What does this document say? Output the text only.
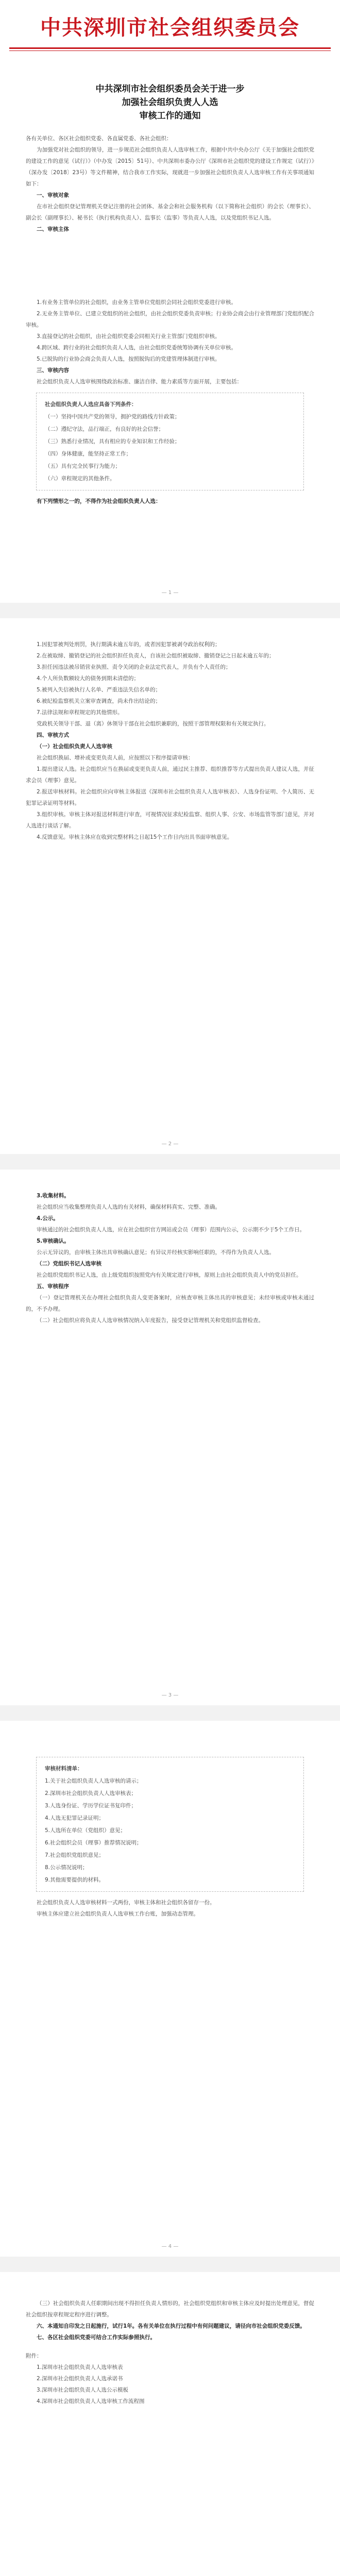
中共深圳市社会组织委员会
中共深圳市社会组织委员会关于进一步
加强社会组织负责人人选
审核工作的通知

各有关单位、各区社会组织党委、各直属党委、各社会组织：

为加强党对社会组织的领导，进一步规范社会组织负责人人选审核工作，根据中共中央办公厅《关于加强社会组织党的建设工作的意见（试行）》（中办发〔2015〕51号）、中共深圳市委办公厅《深圳市社会组织党的建设工作规定（试行）》（深办发〔2018〕23号）等文件精神，结合我市工作实际，现就进一步加强社会组织负责人人选审核工作有关事项通知如下：

一、审核对象

在市社会组织登记管理机关登记注册的社会团体、基金会和社会服务机构（以下简称社会组织）的会长（理事长）、副会长（副理事长）、秘书长（执行机构负责人）、监事长（监事）等负责人人选，以及党组织书记人选。

二、审核主体

1.有业务主管单位的社会组织，由业务主管单位党组织会同社会组织党委进行审核。

2.无业务主管单位、已建立党组织的社会组织，由社会组织党委负责审核；行业协会商会由行业管理部门党组织配合审核。

3.直接登记的社会组织，由社会组织党委会同相关行业主管部门党组织审核。

4.跨区域、跨行业的社会组织负责人人选，由社会组织党委统筹协调有关单位审核。

5.已脱钩的行业协会商会负责人人选，按照脱钩后的党建管理体制进行审核。

三、审核内容

社会组织负责人人选审核围绕政治标准、廉洁自律、能力素质等方面开展，主要包括：

社会组织负责人人选应具备下列条件：
（一）坚持中国共产党的领导，拥护党的路线方针政策；
（二）遵纪守法，品行端正，有良好的社会信誉；
（三）熟悉行业情况，具有相应的专业知识和工作经验；
（四）身体健康，能坚持正常工作；
（五）具有完全民事行为能力；
（六）章程规定的其他条件。

有下列情形之一的，不得作为社会组织负责人人选：

— 1 —

1.因犯罪被判处刑罚，执行期满未逾五年的，或者因犯罪被剥夺政治权利的；

2.在被取缔、撤销登记的社会组织担任负责人，自该社会组织被取缔、撤销登记之日起未逾五年的；

3.担任因违法被吊销营业执照、责令关闭的企业法定代表人，并负有个人责任的；

4.个人所负数额较大的债务到期未清偿的；

5.被列入失信被执行人名单、严重违法失信名单的；

6.被纪检监察机关立案审查调查，尚未作出结论的；

7.法律法规和章程规定的其他情形。

党政机关领导干部、退（离）休领导干部在社会组织兼职的，按照干部管理权限和有关规定执行。

四、审核方式

（一）社会组织负责人人选审核

社会组织换届、增补或变更负责人前，应按照以下程序提请审核：

1.提出建议人选。社会组织应当在换届或变更负责人前，通过民主推荐、组织推荐等方式提出负责人建议人选，并征求会员（理事）意见。

2.报送审核材料。社会组织应向审核主体报送《深圳市社会组织负责人人选审核表》、人选身份证明、个人简历、无犯罪记录证明等材料。

3.组织审核。审核主体对报送材料进行审查，可视情况征求纪检监察、组织人事、公安、市场监管等部门意见，并对人选进行谈话了解。

4.反馈意见。审核主体应在收到完整材料之日起15个工作日内出具书面审核意见。

— 2 —

3.收集材料。

社会组织应当收集整理负责人人选的有关材料，确保材料真实、完整、准确。

4.公示。

审核通过的社会组织负责人人选，应在社会组织官方网站或会员（理事）范围内公示，公示期不少于5个工作日。

5.审核确认。

公示无异议的，由审核主体出具审核确认意见；有异议并经核实影响任职的，不得作为负责人人选。

（二）党组织书记人选审核

社会组织党组织书记人选，由上级党组织按照党内有关规定进行审核，原则上由社会组织负责人中的党员担任。

五、审核程序

（一）登记管理机关在办理社会组织负责人变更备案时，应核查审核主体出具的审核意见；未经审核或审核未通过的，不予办理。

（二）社会组织应将负责人人选审核情况纳入年度报告，接受登记管理机关和党组织监督检查。

— 3 —
审核材料清单：
1.关于社会组织负责人人选审核的请示；
2.深圳市社会组织负责人人选审核表；
3.人选身份证、学历学位证书复印件；
4.人选无犯罪记录证明；
5.人选所在单位（党组织）意见；
6.社会组织会员（理事）推荐情况说明；
7.社会组织党组织意见；
8.公示情况说明；
9.其他需要提供的材料。

社会组织负责人人选审核材料一式两份，审核主体和社会组织各留存一份。

审核主体应建立社会组织负责人人选审核工作台账，加强动态管理。

— 4 —

（三）社会组织负责人任职期间出现不得担任负责人情形的，社会组织党组织和审核主体应及时提出处理意见，督促社会组织按章程规定程序进行调整。

六、本通知自印发之日起施行，试行1年。各有关单位在执行过程中有何问题建议，请径向市社会组织党委反馈。

七、各区社会组织党委可结合工作实际参照执行。

附件：

1.深圳市社会组织负责人人选审核表

2.深圳市社会组织负责人人选承诺书

3.深圳市社会组织负责人人选公示模板

4.深圳市社会组织负责人人选审核工作流程图
